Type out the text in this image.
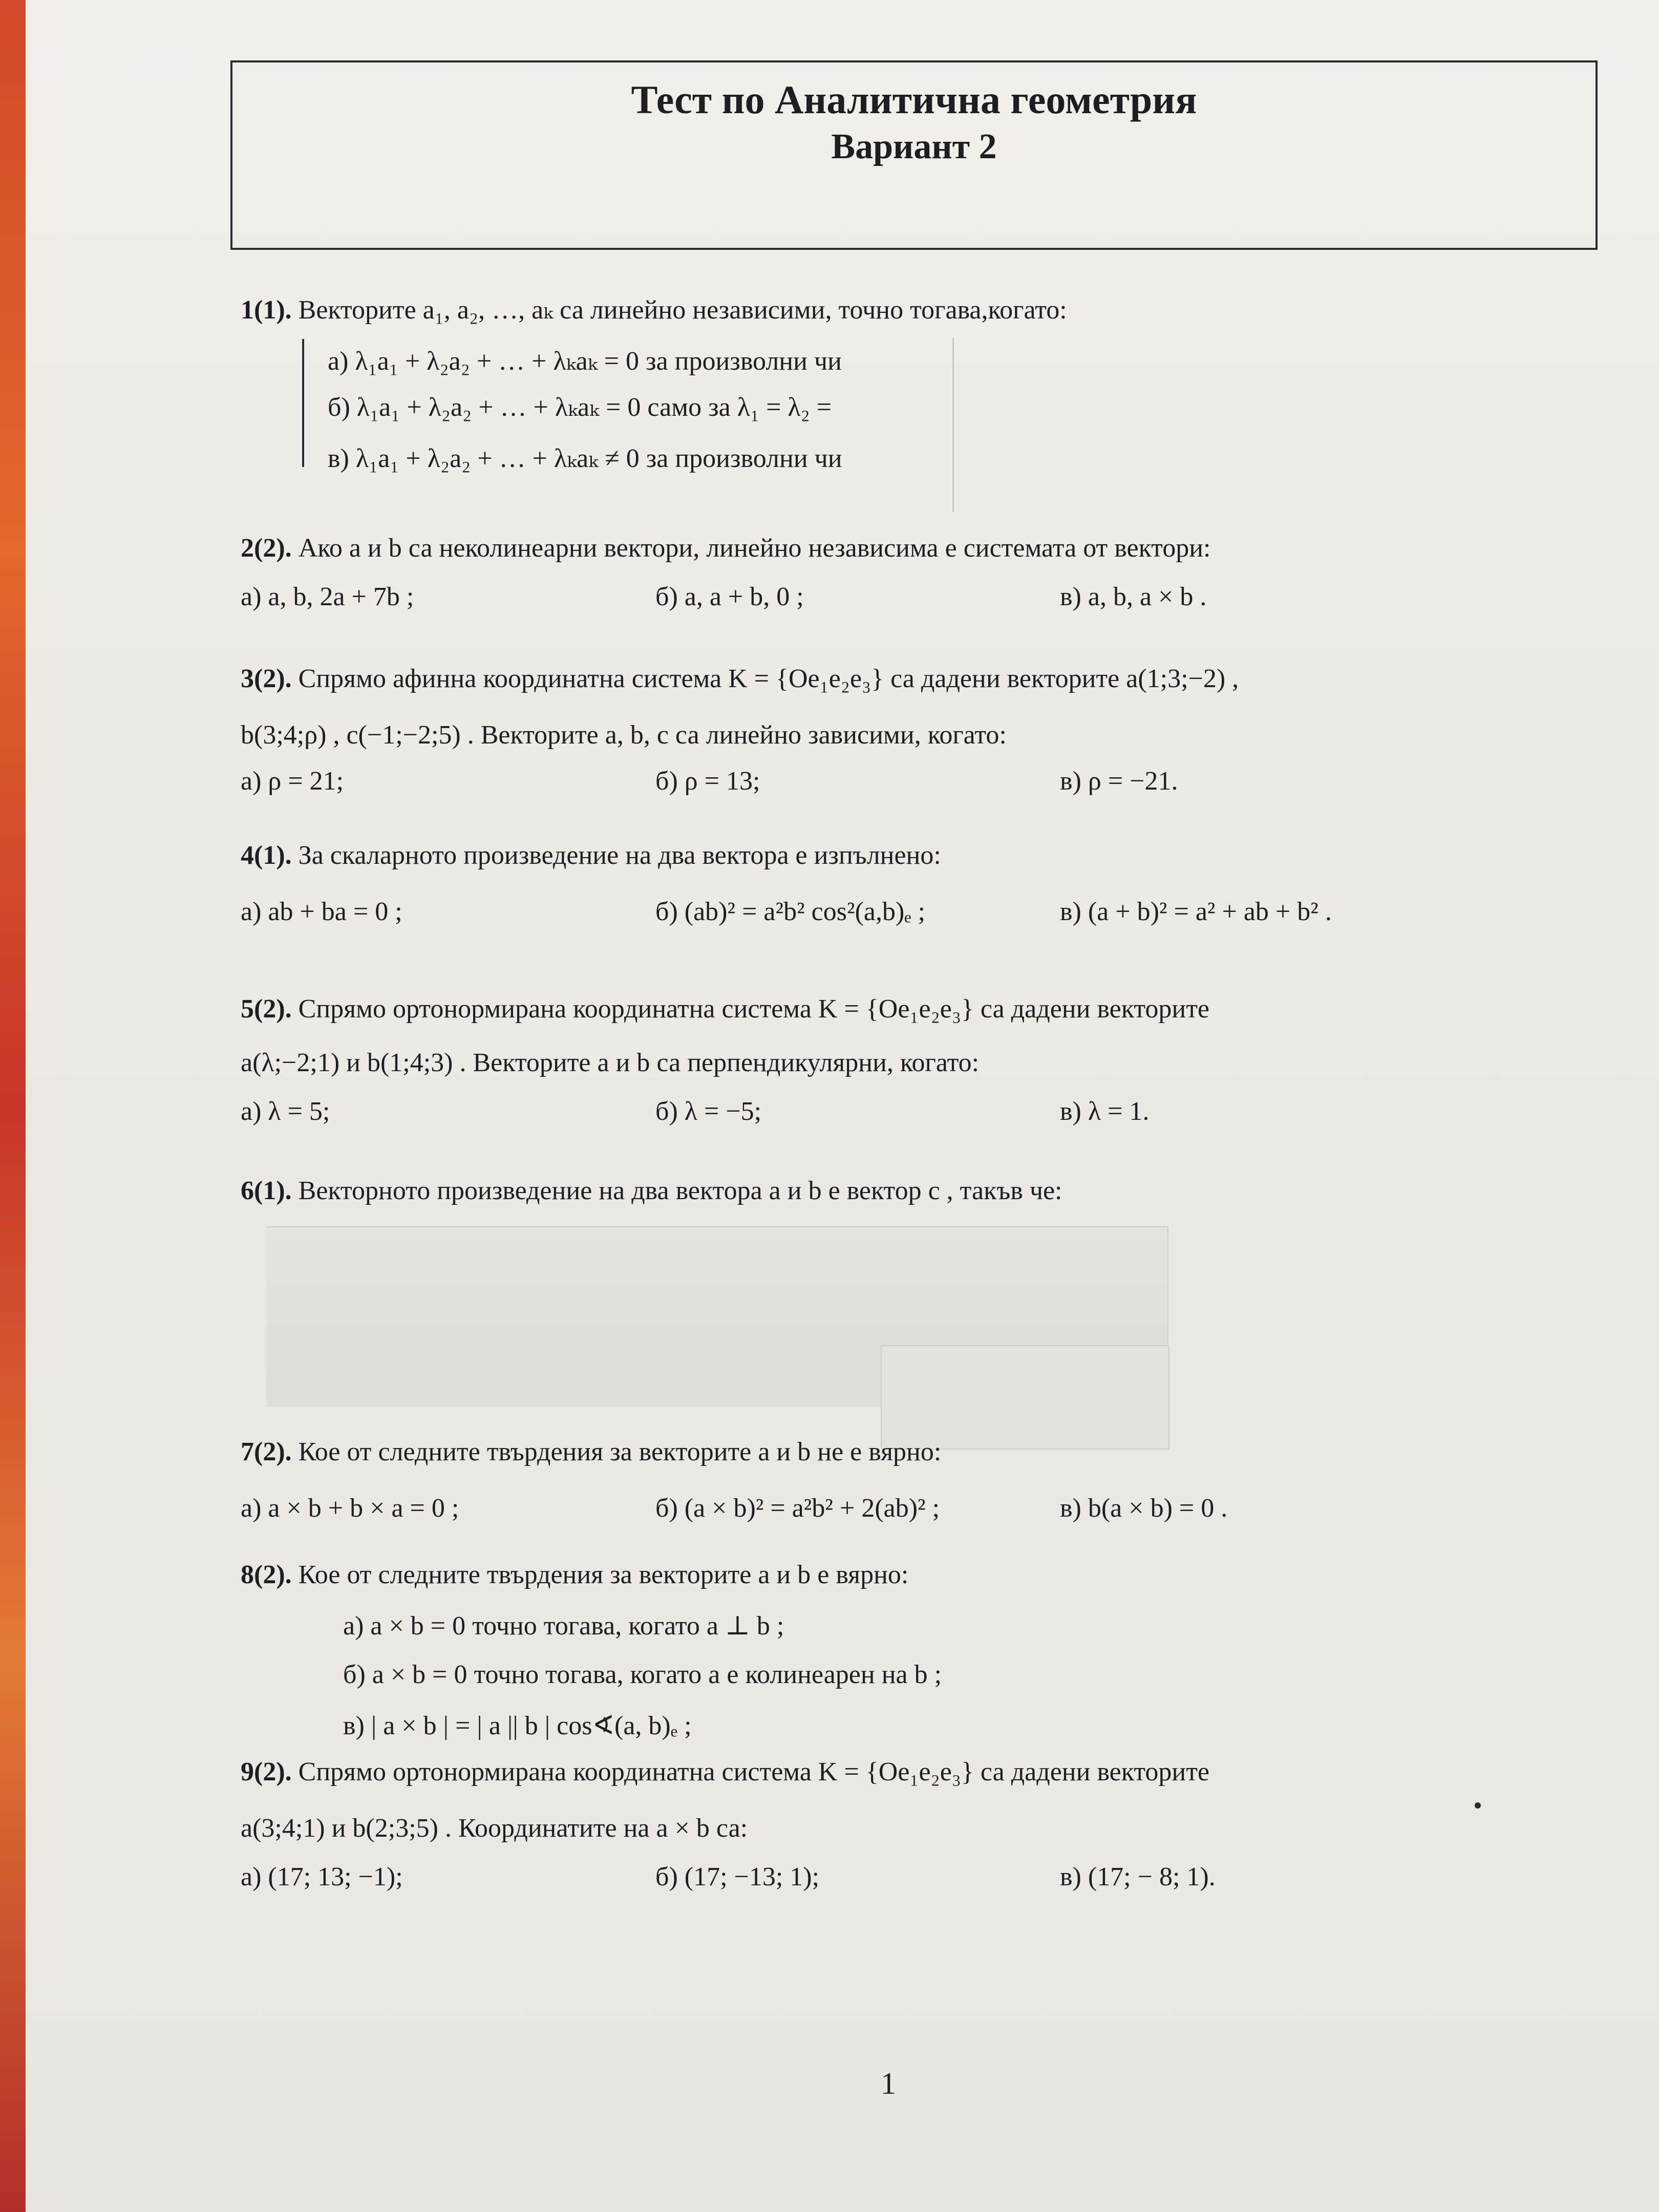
Тест по Аналитична геометрия
Вариант 2
1(1). Векторите a₁, a₂, …, aₖ са линейно независими, точно тогава,когато:
а) λ₁a₁ + λ₂a₂ + … + λₖaₖ = 0 за произволни чи
б) λ₁a₁ + λ₂a₂ + … + λₖaₖ = 0 само за λ₁ = λ₂ =
в) λ₁a₁ + λ₂a₂ + … + λₖaₖ ≠ 0 за произволни чи
2(2). Ако a и b са неколинеарни вектори, линейно независима е системата от вектори:
а) a, b, 2a + 7b ;	б) a, a + b, 0 ;	в) a, b, a × b .
3(2). Спрямо афинна координатна система K = {Oe₁e₂e₃} са дадени векторите a(1;3;−2) ,
b(3;4;ρ) , c(−1;−2;5) . Векторите a, b, c са линейно зависими, когато:
а) ρ = 21;	б) ρ = 13;	в) ρ = −21.
4(1). За скаларното произведение на два вектора е изпълнено:
а) ab + ba = 0 ;	б) (ab)² = a²b² cos²(a,b)ₑ ;	в) (a + b)² = a² + ab + b² .
5(2). Спрямо ортонормирана координатна система K = {Oe₁e₂e₃} са дадени векторите
a(λ;−2;1) и b(1;4;3) . Векторите a и b са перпендикулярни, когато:
а) λ = 5;	б) λ = −5;	в) λ = 1.
6(1). Векторното произведение на два вектора a и b е вектор c , такъв че:
7(2). Кое от следните твърдения за векторите a и b не е вярно:
а) a × b + b × a = 0 ;	б) (a × b)² = a²b² + 2(ab)² ;	в) b(a × b) = 0 .
8(2). Кое от следните твърдения за векторите a и b е вярно:
а) a × b = 0 точно тогава, когато a ⊥ b ;
б) a × b = 0 точно тогава, когато a е колинеарен на b ;
в) | a × b | = | a || b | cos∢(a, b)ₑ ;
9(2). Спрямо ортонормирана координатна система K = {Oe₁e₂e₃} са дадени векторите
a(3;4;1) и b(2;3;5) . Координатите на a × b са:
а) (17; 13; −1);	б) (17; −13; 1);	в) (17; − 8; 1).
1
